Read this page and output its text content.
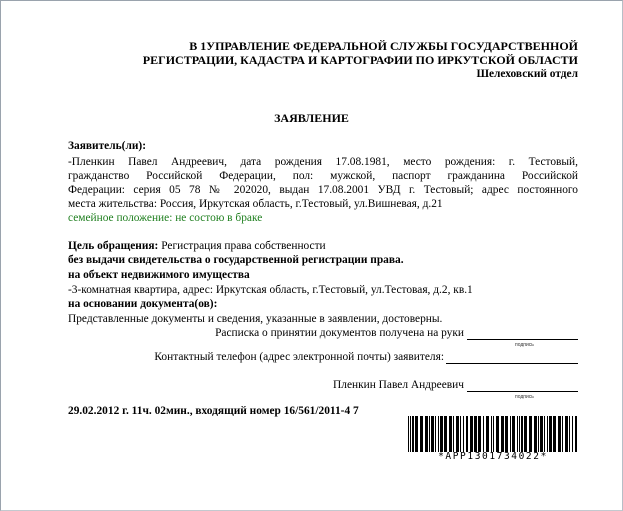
В 1УПРАВЛЕНИЕ ФЕДЕРАЛЬНОЙ СЛУЖБЫ ГОСУДАРСТВЕННОЙ
РЕГИСТРАЦИИ, КАДАСТРА И КАРТОГРАФИИ ПО ИРКУТСКОЙ ОБЛАСТИ
Шелеховский отдел
ЗАЯВЛЕНИЕ
Заявитель(ли):
-Пленкин Павел Андреевич, дата рождения 17.08.1981, место рождения: г. Тестовый,
гражданство Российской Федерации, пол: мужской, паспорт гражданина Российской
Федерации: серия 05 78 № 202020, выдан 17.08.2001 УВД г. Тестовый; адрес постоянного
места жительства: Россия, Иркутская область, г.Тестовый, ул.Вишневая, д.21
семейное положение: не состою в браке
Цель обращения: Регистрация права собственности
без выдачи свидетельства о государственной регистрации права.
на объект недвижимого имущества
-3-комнатная квартира, адрес: Иркутская область, г.Тестовый, ул.Тестовая, д.2, кв.1
на основании документа(ов):
Представленные документы и сведения, указанные в заявлении, достоверны.
Расписка о принятии документов получена на руки
подпись
Контактный телефон (адрес электронной почты) заявителя:
Пленкин Павел Андреевич
подпись
29.02.2012 г. 11ч. 02мин., входящий номер 16/561/2011-4 7
*APP1301734022*
